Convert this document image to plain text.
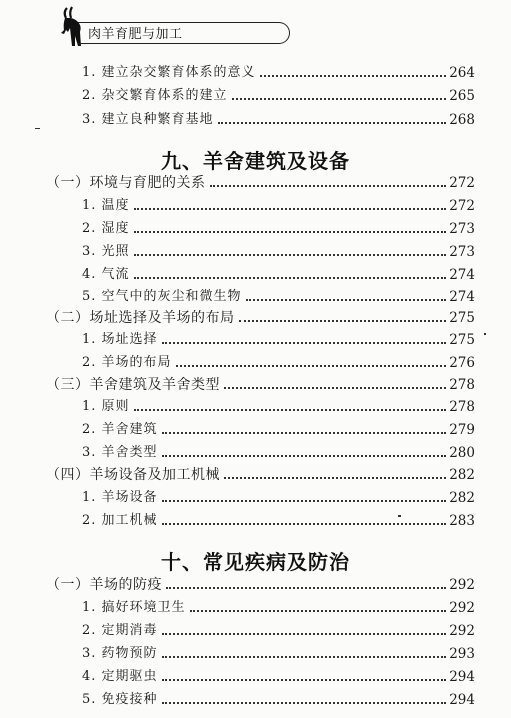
肉羊育肥与加工
1. 建立杂交繁育体系的意义	264
2. 杂交繁育体系的建立	265
3. 建立良种繁育基地	268
九、羊舍建筑及设备
（一）环境与育肥的关系	272
1. 温度	272
2. 湿度	273
3. 光照	273
4. 气流	274
5. 空气中的灰尘和微生物	274
（二）场址选择及羊场的布局	275
1. 场址选择	275
2. 羊场的布局	276
（三）羊舍建筑及羊舍类型	278
1. 原则	278
2. 羊舍建筑	279
3. 羊舍类型	280
（四）羊场设备及加工机械	282
1. 羊场设备	282
2. 加工机械	283
十、常见疾病及防治
（一）羊场的防疫	292
1. 搞好环境卫生	292
2. 定期消毒	292
3. 药物预防	293
4. 定期驱虫	294
5. 免疫接种	294
